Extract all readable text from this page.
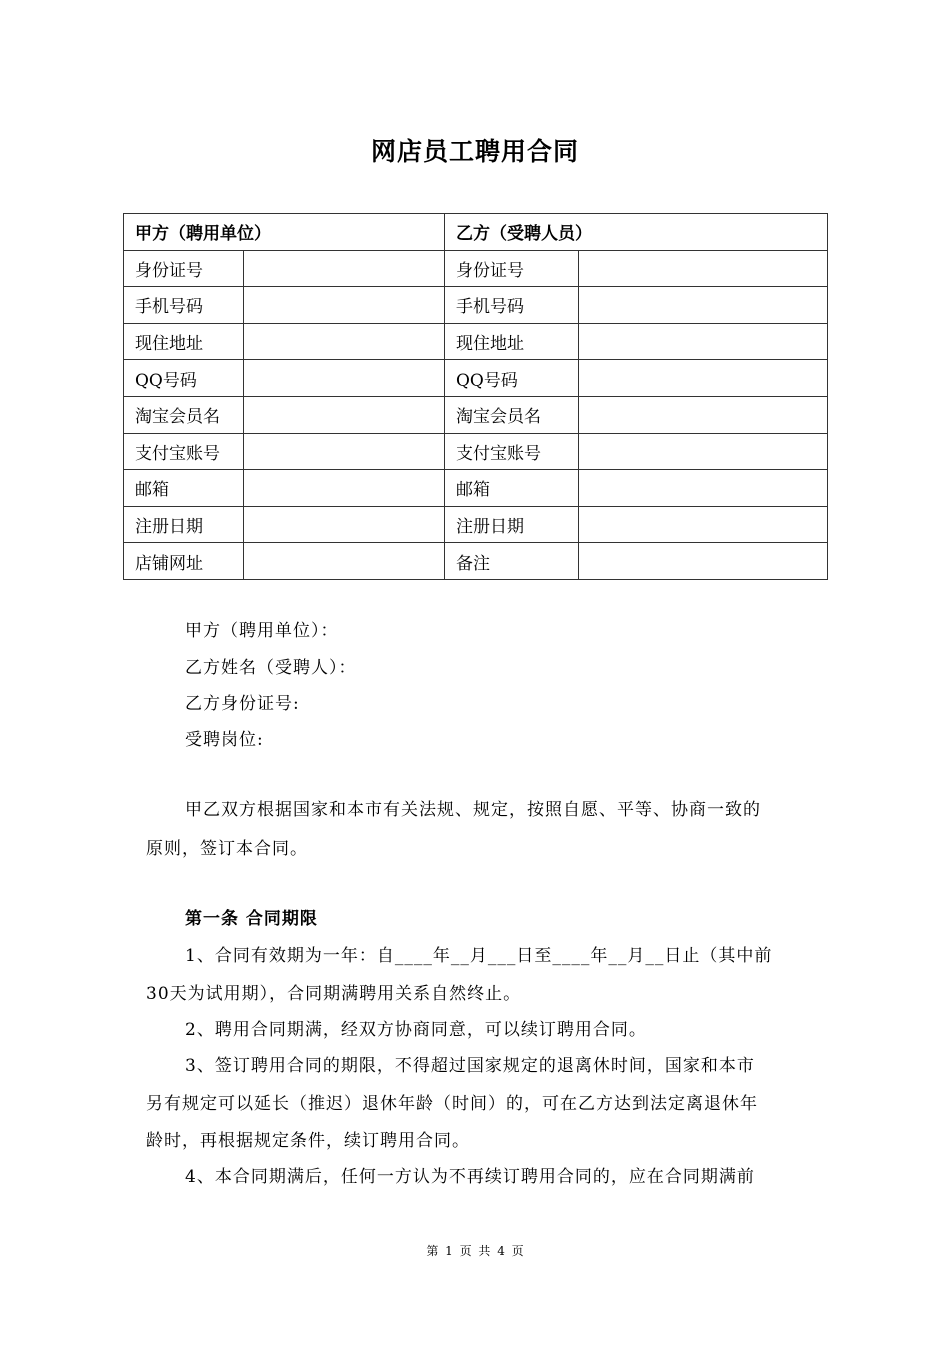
网店员工聘用合同
甲方（聘用单位）		乙方（受聘人员）	
身份证号		身份证号	
手机号码		手机号码	
现住地址		现住地址	
QQ号码		QQ号码	
淘宝会员名		淘宝会员名	
支付宝账号		支付宝账号	
邮箱		邮箱	
注册日期		注册日期	
店铺网址		备注	
甲方（聘用单位）：
乙方姓名（受聘人）：
乙方身份证号:
受聘岗位:
甲乙双方根据国家和本市有关法规、规定，按照自愿、平等、协商一致的
原则，签订本合同。
第一条 合同期限
1、合同有效期为一年：自____年__月___日至____年__月__日止（其中前
30天为试用期），合同期满聘用关系自然终止。
2、聘用合同期满，经双方协商同意，可以续订聘用合同。
3、签订聘用合同的期限，不得超过国家规定的退离休时间，国家和本市
另有规定可以延长（推迟）退休年龄（时间）的，可在乙方达到法定离退休年
龄时，再根据规定条件，续订聘用合同。
4、本合同期满后，任何一方认为不再续订聘用合同的，应在合同期满前
第 1 页 共 4 页
